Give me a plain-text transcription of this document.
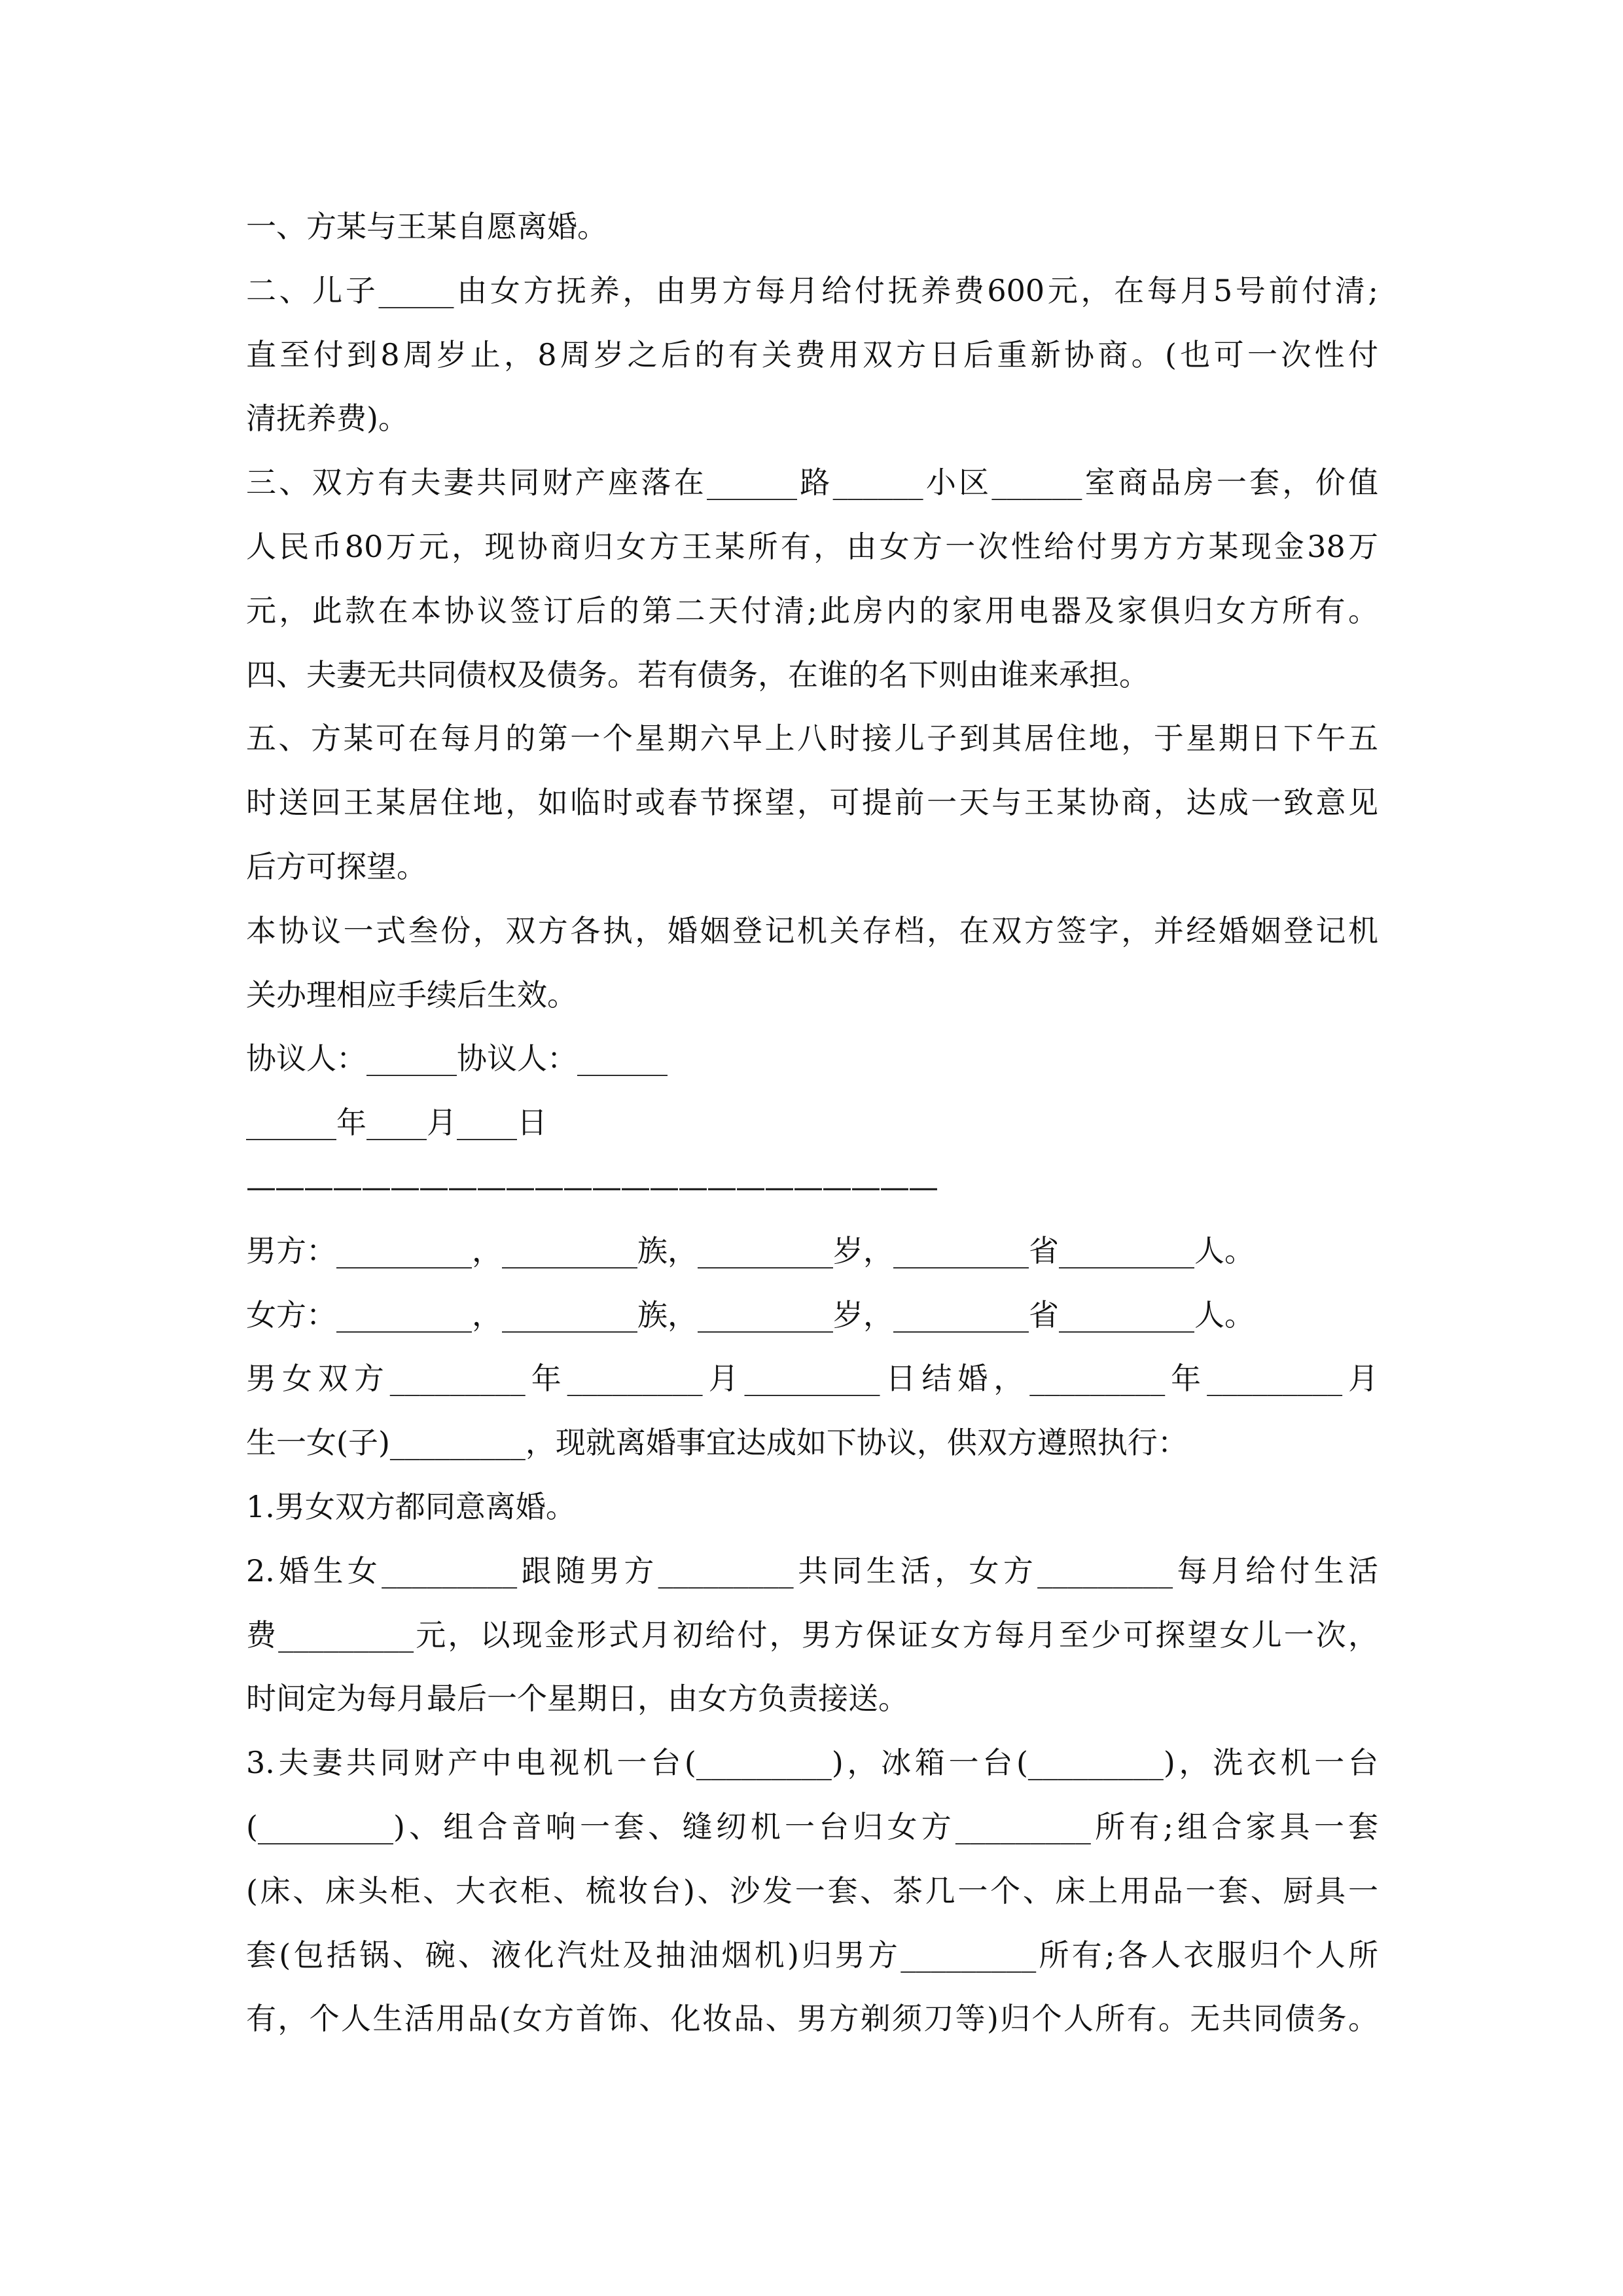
一、方某与王某自愿离婚。
二、儿子_____由女方抚养，由男方每月给付抚养费600元，在每月5号前付清;
直至付到8周岁止，8周岁之后的有关费用双方日后重新协商。(也可一次性付
清抚养费)。
三、双方有夫妻共同财产座落在______路______小区______室商品房一套，价值
人民币80万元，现协商归女方王某所有，由女方一次性给付男方方某现金38万
元，此款在本协议签订后的第二天付清;此房内的家用电器及家俱归女方所有。
四、夫妻无共同债权及债务。若有债务，在谁的名下则由谁来承担。
五、方某可在每月的第一个星期六早上八时接儿子到其居住地，于星期日下午五
时送回王某居住地，如临时或春节探望，可提前一天与王某协商，达成一致意见
后方可探望。
本协议一式叁份，双方各执，婚姻登记机关存档，在双方签字，并经婚姻登记机
关办理相应手续后生效。
协议人：______协议人：______
______年____月____日
————————————————————————
男方：_________，_________族，_________岁，_________省_________人。
女方：_________，_________族，_________岁，_________省_________人。
男女双方_________年_________月_________日结婚，_________年_________月
生一女(子)_________，现就离婚事宜达成如下协议，供双方遵照执行：
1.男女双方都同意离婚。
2.婚生女_________跟随男方_________共同生活，女方_________每月给付生活
费_________元，以现金形式月初给付，男方保证女方每月至少可探望女儿一次，
时间定为每月最后一个星期日，由女方负责接送。
3.夫妻共同财产中电视机一台(_________)，冰箱一台(_________)，洗衣机一台
(_________)、组合音响一套、缝纫机一台归女方_________所有;组合家具一套
(床、床头柜、大衣柜、梳妆台)、沙发一套、茶几一个、床上用品一套、厨具一
套(包括锅、碗、液化汽灶及抽油烟机)归男方_________所有;各人衣服归个人所
有，个人生活用品(女方首饰、化妆品、男方剃须刀等)归个人所有。无共同债务。
